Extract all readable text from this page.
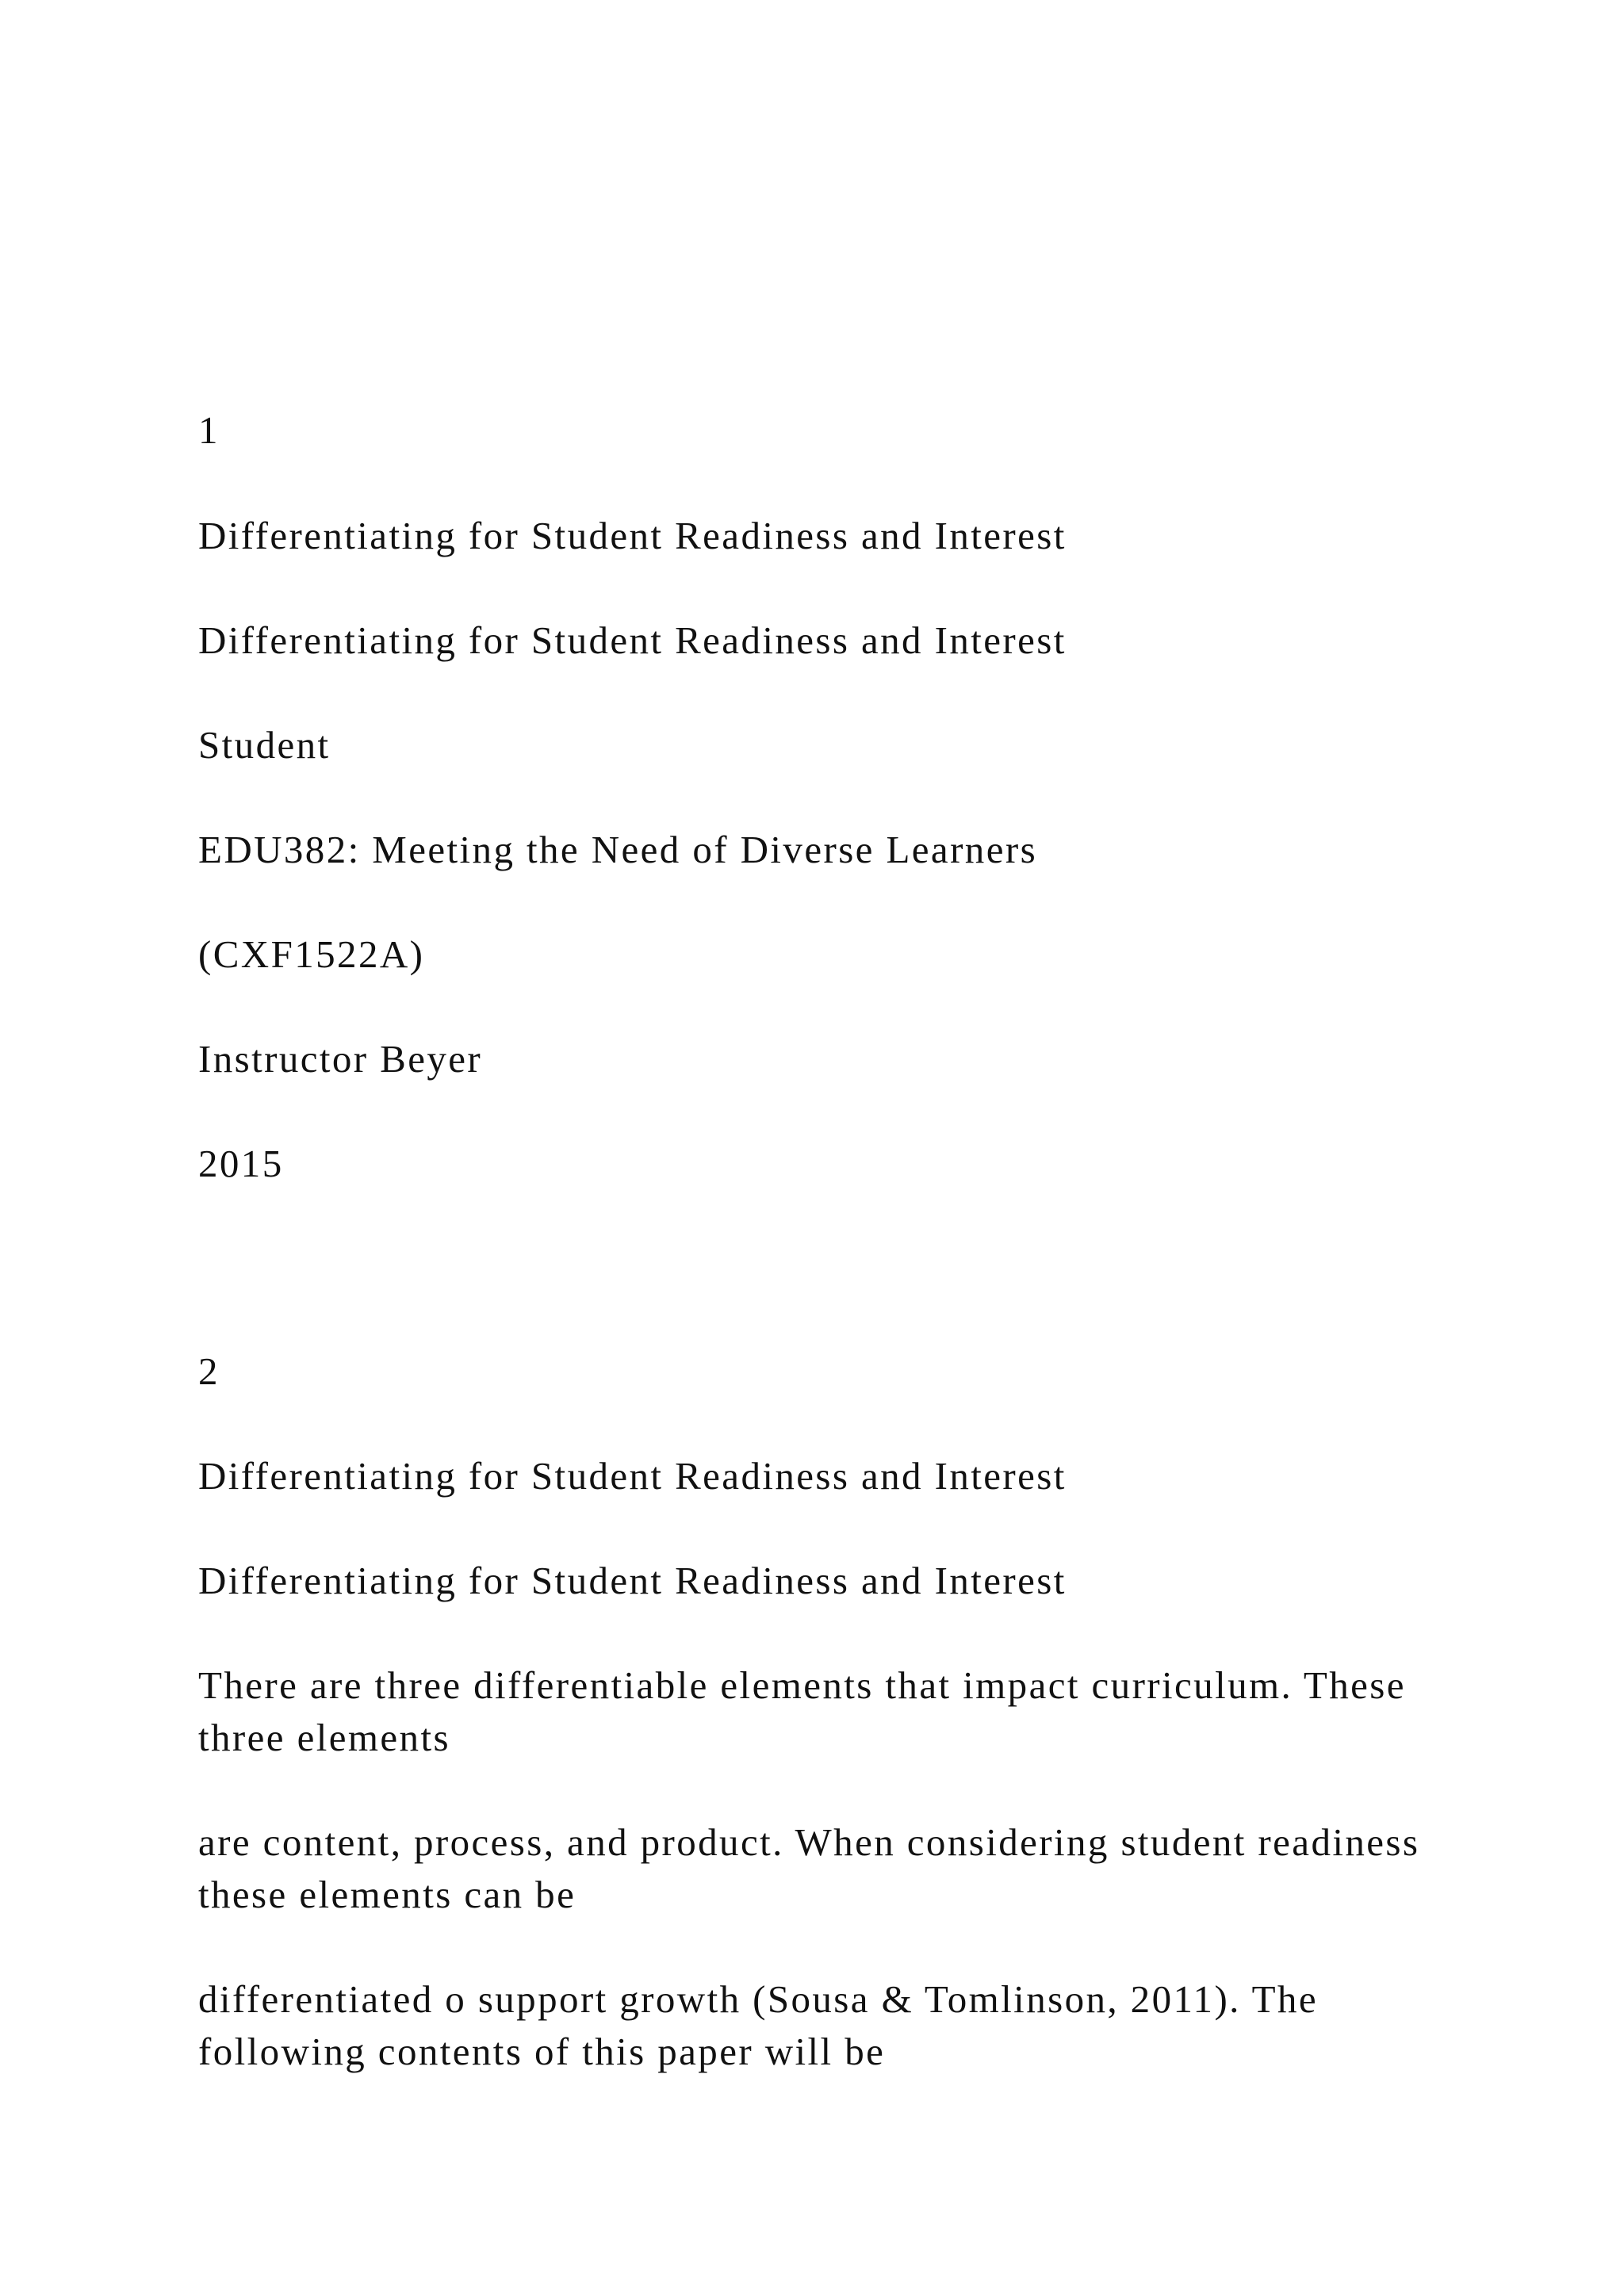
1

Differentiating for Student Readiness and Interest

Differentiating for Student Readiness and Interest

Student

EDU382: Meeting the Need of Diverse Learners

(CXF1522A)

Instructor Beyer

2015

2

Differentiating for Student Readiness and Interest

Differentiating for Student Readiness and Interest

There are three differentiable elements that impact curriculum. These three elements

are content, process, and product. When considering student readiness these elements can be

differentiated o support growth (Sousa & Tomlinson, 2011). The following contents of this paper will be
